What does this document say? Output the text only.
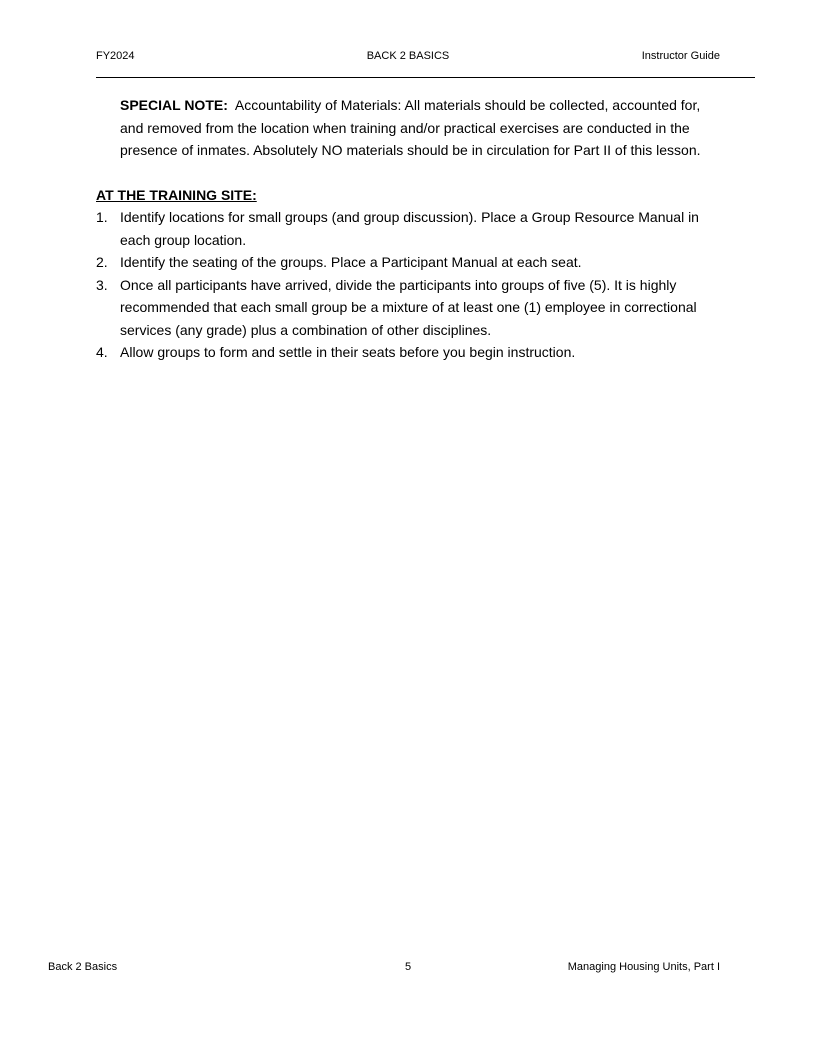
FY2024	BACK 2 BASICS	Instructor Guide

SPECIAL NOTE: Accountability of Materials: All materials should be collected, accounted for, and removed from the location when training and/or practical exercises are conducted in the presence of inmates. Absolutely NO materials should be in circulation for Part II of this lesson.

AT THE TRAINING SITE:
1. Identify locations for small groups (and group discussion). Place a Group Resource Manual in each group location.
2. Identify the seating of the groups. Place a Participant Manual at each seat.
3. Once all participants have arrived, divide the participants into groups of five (5). It is highly recommended that each small group be a mixture of at least one (1) employee in correctional services (any grade) plus a combination of other disciplines.
4. Allow groups to form and settle in their seats before you begin instruction.
Back 2 Basics	5	Managing Housing Units, Part I
